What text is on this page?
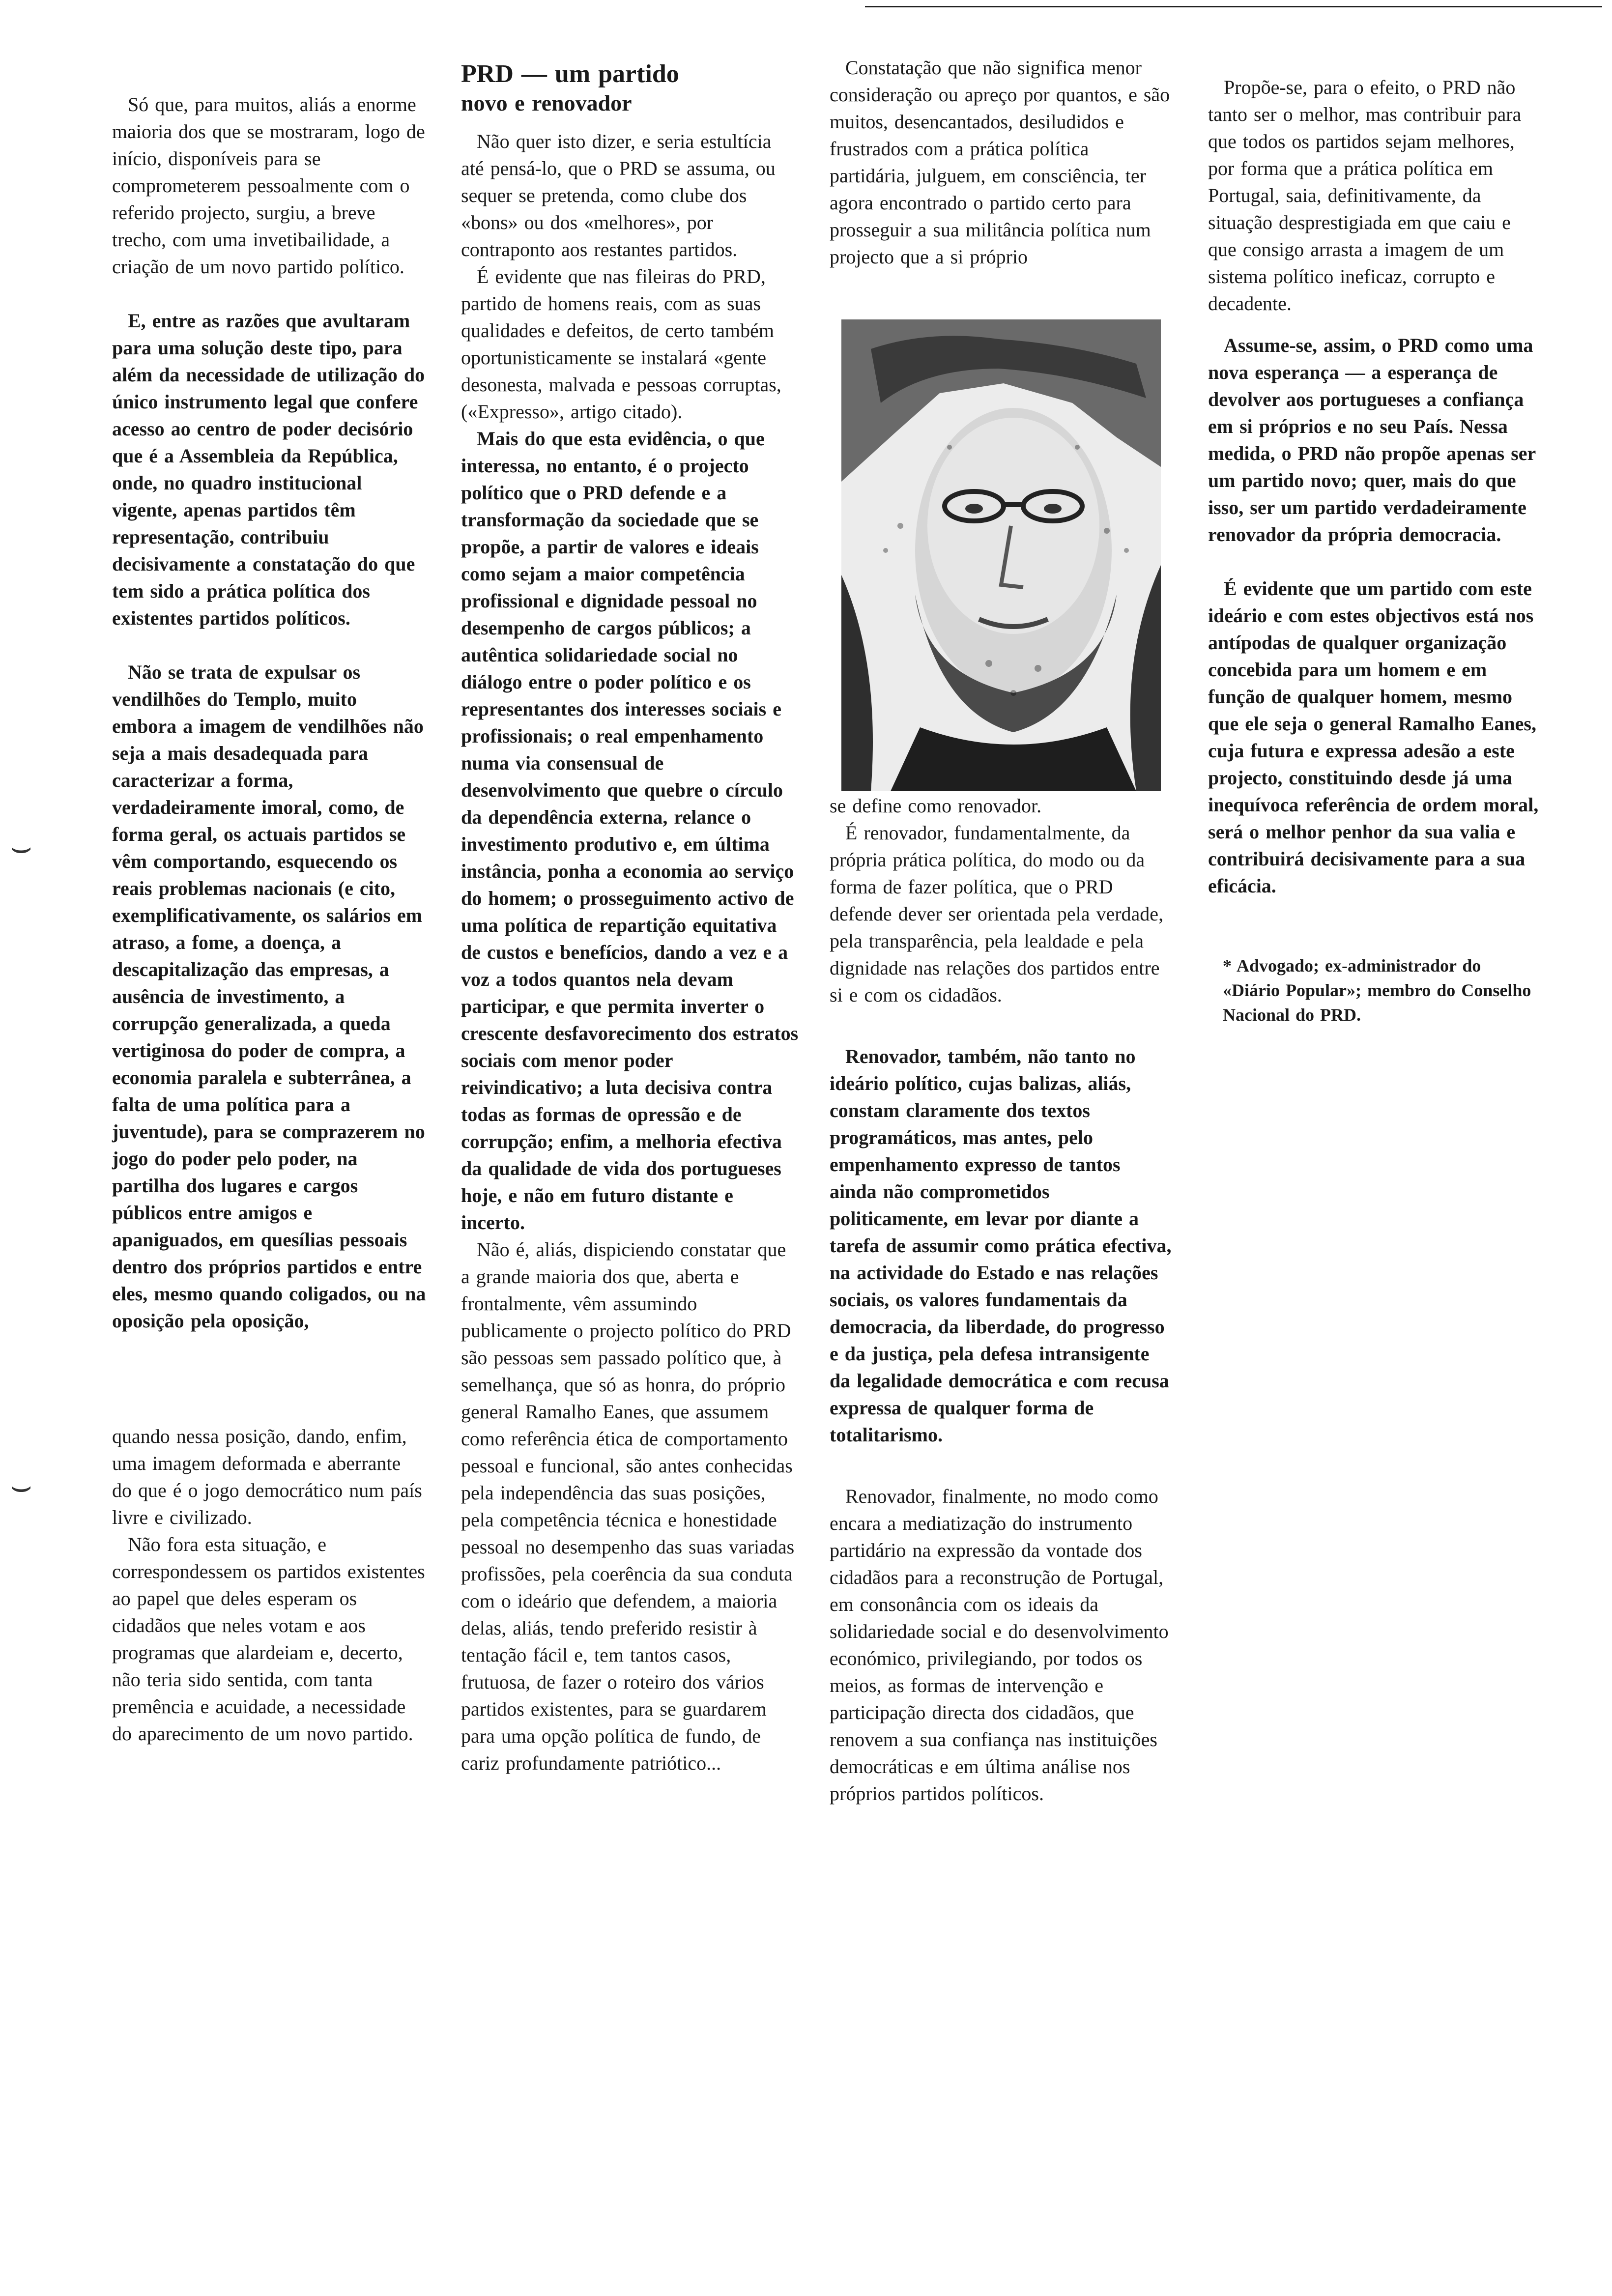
Só que, para muitos, aliás a enorme maioria dos que se mostraram, logo de início, disponíveis para se comprometerem pessoalmente com o referido projecto, surgiu, a breve trecho, com uma invetibailidade, a criação de um novo partido político.

E, entre as razões que avultaram para uma solução deste tipo, para além da necessidade de utilização do único instrumento legal que confere acesso ao centro de poder decisório que é a Assembleia da República, onde, no quadro institucional vigente, apenas partidos têm representação, contribuiu decisivamente a constatação do que tem sido a prática política dos existentes partidos políticos.

Não se trata de expulsar os vendilhões do Templo, muito embora a imagem de vendilhões não seja a mais desadequada para caracterizar a forma, verdadeiramente imoral, como, de forma geral, os actuais partidos se vêm comportando, esquecendo os reais problemas nacionais (e cito, exemplificativamente, os salários em atraso, a fome, a doença, a descapitalização das empresas, a ausência de investimento, a corrupção generalizada, a queda vertiginosa do poder de compra, a economia paralela e subterrânea, a falta de uma política para a juventude), para se comprazerem no jogo do poder pelo poder, na partilha dos lugares e cargos públicos entre amigos e apaniguados, em quesílias pessoais dentro dos próprios partidos e entre eles, mesmo quando coligados, ou na oposição pela oposição,

quando nessa posição, dando, enfim, uma imagem deformada e aberrante do que é o jogo democrático num país livre e civilizado.

Não fora esta situação, e correspondessem os partidos existentes ao papel que deles esperam os cidadãos que neles votam e aos programas que alardeiam e, decerto, não teria sido sentida, com tanta premência e acuidade, a necessidade do aparecimento de um novo partido.

PRD — um partido
novo e renovador

Não quer isto dizer, e seria estultícia até pensá-lo, que o PRD se assuma, ou sequer se pretenda, como clube dos «bons» ou dos «melhores», por contraponto aos restantes partidos.

É evidente que nas fileiras do PRD, partido de homens reais, com as suas qualidades e defeitos, de certo também oportunisticamente se instalará «gente desonesta, malvada e pessoas corruptas, («Expresso», artigo citado).

Mais do que esta evidência, o que interessa, no entanto, é o projecto político que o PRD defende e a transformação da sociedade que se propõe, a partir de valores e ideais como sejam a maior competência profissional e dignidade pessoal no desempenho de cargos públicos; a autêntica solidariedade social no diálogo entre o poder político e os representantes dos interesses sociais e profissionais; o real empenhamento numa via consensual de desenvolvimento que quebre o círculo da dependência externa, relance o investimento produtivo e, em última instância, ponha a economia ao serviço do homem; o prosseguimento activo de uma política de repartição equitativa de custos e benefícios, dando a vez e a voz a todos quantos nela devam participar, e que permita inverter o crescente desfavorecimento dos estratos sociais com menor poder reivindicativo; a luta decisiva contra todas as formas de opressão e de corrupção; enfim, a melhoria efectiva da qualidade de vida dos portugueses hoje, e não em futuro distante e incerto.

Não é, aliás, dispiciendo constatar que a grande maioria dos que, aberta e frontalmente, vêm assumindo publicamente o projecto político do PRD são pessoas sem passado político que, à semelhança, que só as honra, do próprio general Ramalho Eanes, que assumem como referência ética de comportamento pessoal e funcional, são antes conhecidas pela independência das suas posições, pela competência técnica e honestidade pessoal no desempenho das suas variadas profissões, pela coerência da sua conduta com o ideário que defendem, a maioria delas, aliás, tendo preferido resistir à tentação fácil e, tem tantos casos, frutuosa, de fazer o roteiro dos vários partidos existentes, para se guardarem para uma opção política de fundo, de cariz profundamente patriótico...

Constatação que não significa menor consideração ou apreço por quantos, e são muitos, desencantados, desiludidos e frustrados com a prática política partidária, julguem, em consciência, ter agora encontrado o partido certo para prosseguir a sua militância política num projecto que a si próprio

se define como renovador.

É renovador, fundamentalmente, da própria prática política, do modo ou da forma de fazer política, que o PRD defende dever ser orientada pela verdade, pela transparência, pela lealdade e pela dignidade nas relações dos partidos entre si e com os cidadãos.

Renovador, também, não tanto no ideário político, cujas balizas, aliás, constam claramente dos textos programáticos, mas antes, pelo empenhamento expresso de tantos ainda não comprometidos politicamente, em levar por diante a tarefa de assumir como prática efectiva, na actividade do Estado e nas relações sociais, os valores fundamentais da democracia, da liberdade, do progresso e da justiça, pela defesa intransigente da legalidade democrática e com recusa expressa de qualquer forma de totalitarismo.

Renovador, finalmente, no modo como encara a mediatização do instrumento partidário na expressão da vontade dos cidadãos para a reconstrução de Portugal, em consonância com os ideais da solidariedade social e do desenvolvimento económico, privilegiando, por todos os meios, as formas de intervenção e participação directa dos cidadãos, que renovem a sua confiança nas instituições democráticas e em última análise nos próprios partidos políticos.

Propõe-se, para o efeito, o PRD não tanto ser o melhor, mas contribuir para que todos os partidos sejam melhores, por forma que a prática política em Portugal, saia, definitivamente, da situação desprestigiada em que caiu e que consigo arrasta a imagem de um sistema político ineficaz, corrupto e decadente.

Assume-se, assim, o PRD como uma nova esperança — a esperança de devolver aos portugueses a confiança em si próprios e no seu País. Nessa medida, o PRD não propõe apenas ser um partido novo; quer, mais do que isso, ser um partido verdadeiramente renovador da própria democracia.

É evidente que um partido com este ideário e com estes objectivos está nos antípodas de qualquer organização concebida para um homem e em função de qualquer homem, mesmo que ele seja o general Ramalho Eanes, cuja futura e expressa adesão a este projecto, constituindo desde já uma inequívoca referência de ordem moral, será o melhor penhor da sua valia e contribuirá decisivamente para a sua eficácia.

* Advogado; ex-administrador do «Diário Popular»; membro do Conselho Nacional do PRD.

⌣
⌣
